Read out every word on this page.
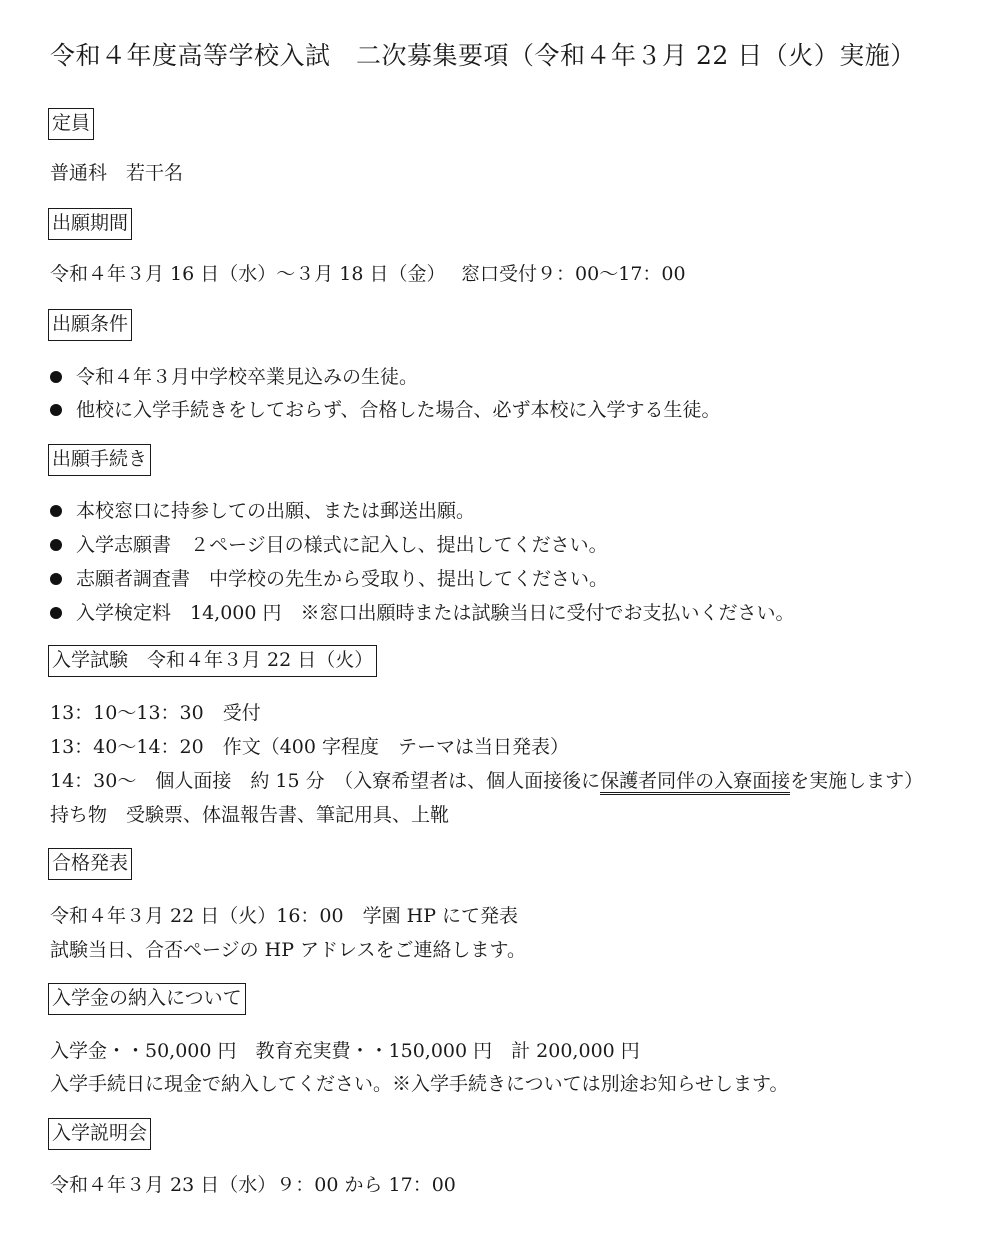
令和４年度高等学校入試　二次募集要項（令和４年３月 22 日（火）実施）
定員
普通科　若干名
出願期間
令和４年３月 16 日（水）～３月 18 日（金）　 窓口受付９：00～17：00
出願条件
令和４年３月中学校卒業見込みの生徒。
他校に入学手続きをしておらず、合格した場合、必ず本校に入学する生徒。
出願手続き
本校窓口に持参しての出願、または郵送出願。
入学志願書　２ページ目の様式に記入し、提出してください。
志願者調査書　中学校の先生から受取り、提出してください。
入学検定料　14,000 円　※窓口出願時または試験当日に受付でお支払いください。
入学試験　令和４年３月 22 日（火）
13：10～13：30　受付
13：40～14：20　作文（400 字程度　テーマは当日発表）
14：30～　個人面接　約 15 分　（入寮希望者は、個人面接後に保護者同伴の入寮面接を実施します）
持ち物　受験票、体温報告書、筆記用具、上靴
合格発表
令和４年３月 22 日（火）16：00　学園 HP にて発表
試験当日、合否ページの HP アドレスをご連絡します。
入学金の納入について
入学金・・50,000 円　教育充実費・・150,000 円　計 200,000 円
入学手続日に現金で納入してください。※入学手続きについては別途お知らせします。
入学説明会
令和４年３月 23 日（水）９：00 から 17：00
